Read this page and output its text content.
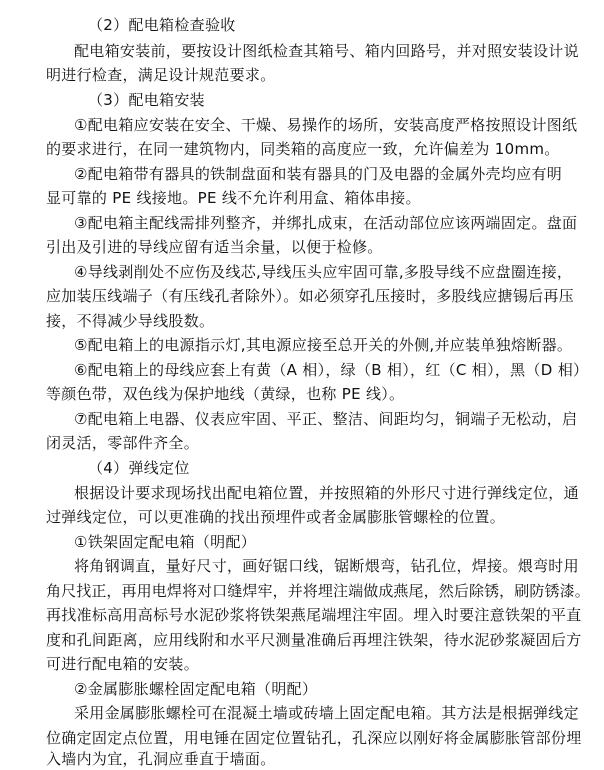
（2）配电箱检查验收
配电箱安装前，要按设计图纸检查其箱号、箱内回路号，并对照安装设计说
明进行检查，满足设计规范要求。
（3）配电箱安装
①配电箱应安装在安全、干燥、易操作的场所，安装高度严格按照设计图纸
的要求进行，在同一建筑物内，同类箱的高度应一致，允许偏差为 10mm。
②配电箱带有器具的铁制盘面和装有器具的门及电器的金属外壳均应有明
显可靠的 PE 线接地。PE 线不允许利用盒、箱体串接。
③配电箱主配线需排列整齐，并绑扎成束，在活动部位应该两端固定。盘面
引出及引进的导线应留有适当余量，以便于检修。
④导线剥削处不应伤及线芯,导线压头应牢固可靠,多股导线不应盘圈连接，
应加装压线端子（有压线孔者除外）。如必须穿孔压接时，多股线应搪锡后再压
接，不得减少导线股数。
⑤配电箱上的电源指示灯,其电源应接至总开关的外侧,并应装单独熔断器。
⑥配电箱上的母线应套上有黄（A 相），绿（B 相），红（C 相），黑（D 相）
等颜色带，双色线为保护地线（黄绿，也称 PE 线）。
⑦配电箱上电器、仪表应牢固、平正、整洁、间距均匀，铜端子无松动，启
闭灵活，零部件齐全。
（4）弹线定位
根据设计要求现场找出配电箱位置，并按照箱的外形尺寸进行弹线定位，通
过弹线定位，可以更准确的找出预埋件或者金属膨胀管螺栓的位置。
①铁架固定配电箱（明配）
将角钢调直，量好尺寸，画好锯口线，锯断煨弯，钻孔位，焊接。煨弯时用
角尺找正，再用电焊将对口缝焊牢，并将埋注端做成燕尾，然后除锈，刷防锈漆。
再找准标高用高标号水泥砂浆将铁架燕尾端埋注牢固。埋入时要注意铁架的平直
度和孔间距离，应用线附和水平尺测量准确后再埋注铁架，待水泥砂浆凝固后方
可进行配电箱的安装。
②金属膨胀螺栓固定配电箱（明配）
采用金属膨胀螺栓可在混凝土墙或砖墙上固定配电箱。其方法是根据弹线定
位确定固定点位置，用电锤在固定位置钻孔，孔深应以刚好将金属膨胀管部份埋
入墙内为宜，孔洞应垂直于墙面。
